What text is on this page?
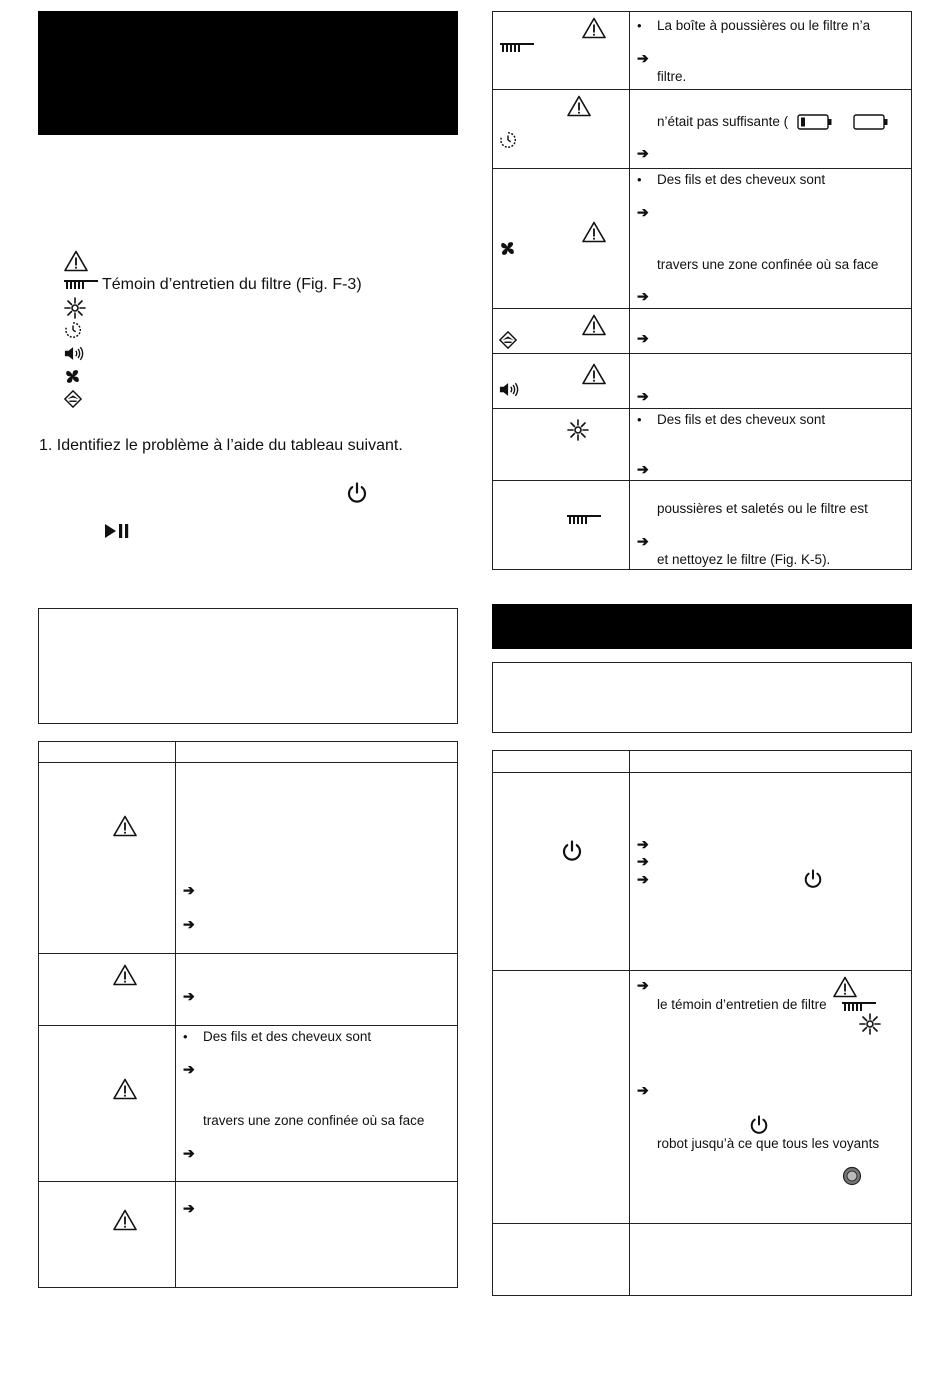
Témoin d’entretien du filtre (Fig. F-3)
1. Identifiez le problème à l’aide du tableau suivant.
➔
➔
➔
• Des fils et des cheveux sont
➔
travers une zone confinée où sa face
➔
➔
• La boîte à poussières ou le filtre n’a
➔
filtre.
n’était pas suffisante (
➔
• Des fils et des cheveux sont
➔
travers une zone confinée où sa face
➔
➔
➔
• Des fils et des cheveux sont
➔
poussières et saletés ou le filtre est
➔
et nettoyez le filtre (Fig. K-5).
➔
➔
➔
➔
le témoin d’entretien de filtre
➔
robot jusqu’à ce que tous les voyants
